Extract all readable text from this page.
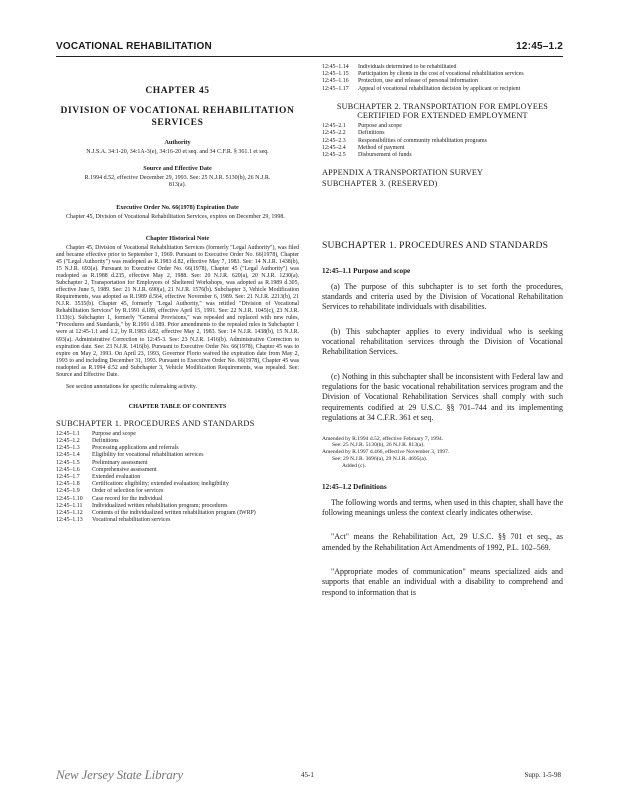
VOCATIONAL REHABILITATION	12:45–1.2
CHAPTER 45
DIVISION OF VOCATIONAL REHABILITATION SERVICES
Authority
N.J.S.A. 34:1-20, 34:1A-3(e), 34:16-20 et seq. and 34 C.F.R. § 361.1 et seq.
Source and Effective Date
R.1994 d.52, effective December 29, 1993. See: 25 N.J.R. 5130(b), 26 N.J.R. 813(a).
Executive Order No. 66(1978) Expiration Date
Chapter 45, Division of Vocational Rehabilitation Services, expires on December 29, 1998.
Chapter Historical Note
Chapter 45, Division of Vocational Rehabilitation Services (formerly "Legal Authority"), was filed and became effective prior to September 1, 1969. Pursuant to Executive Order No. 66(1978), Chapter 45 ("Legal Authority") was readopted as R.1983 d.82, effective May 7, 1983. See: 14 N.J.R. 1438(b), 15 N.J.R. 693(a). Pursuant to Executive Order No. 66(1978), Chapter 45 ("Legal Authority") was readopted as R.1988 d.235, effective May 2, 1988. See: 20 N.J.R. 620(a), 20 N.J.R. 1230(a). Subchapter 2, Transportation for Employees of Sheltered Workshops, was adopted as R.1989 d.305, effective June 5, 1989. See: 21 N.J.R. 690(a), 21 N.J.R. 1576(b). Subchapter 3, Vehicle Modification Requirements, was adopted as R.1989 d.564, effective November 6, 1989. See: 21 N.J.R. 2213(b), 21 N.J.R. 3535(b). Chapter 45, formerly "Legal Authority," was retitled "Division of Vocational Rehabilitation Services" by R.1991 d.189, effective April 15, 1991. See: 22 N.J.R. 1045(c), 23 N.J.R. 1133(c). Subchapter 1, formerly "General Provisions," was repealed and replaced with new rules, "Procedures and Standards," by R.1991 d.189. Prior amendments to the repealed rules in Subchapter 1 were at 12:45-1.1 and 1.2, by R.1983 d.82, effective May 2, 1983. See: 14 N.J.R. 1438(b), 15 N.J.R. 693(a). Administrative Correction to 12:45-3. See: 23 N.J.R. 1416(b). Administrative Correction to expiration date. See: 23 N.J.R. 1416(b). Pursuant to Executive Order No. 66(1978), Chapter 45 was to expire on May 2, 1993. On April 23, 1993, Governor Florio waived the expiration date from May 2, 1993 to and including December 31, 1993. Pursuant to Executive Order No. 66(1978), Chapter 45 was readopted as R.1994 d.52 and Subchapter 3, Vehicle Modification Requirements, was repealed. See: Source and Effective Date.
See section annotations for specific rulemaking activity.
CHAPTER TABLE OF CONTENTS
SUBCHAPTER 1. PROCEDURES AND STANDARDS
12:45–1.1	Purpose and scope
12:45–1.2	Definitions
12:45–1.3	Processing applications and referrals
12:45–1.4	Eligibility for vocational rehabilitation services
12:45–1.5	Preliminary assessment
12:45–1.6	Comprehensive assessment
12:45–1.7	Extended evaluation
12:45–1.8	Certification: eligibility; extended evaluation; ineligibility
12:45–1.9	Order of selection for services
12:45–1.10	Case record for the individual
12:45–1.11	Individualized written rehabilitation program; procedures
12:45–1.12	Contents of the individualized written rehabilitation program (IWRP)
12:45–1.13	Vocational rehabilitation services
12:45–1.14	Individuals determined to be rehabilitated
12:45–1.15	Participation by clients in the cost of vocational rehabilitation services
12:45–1.16	Protection, use and release of personal information
12:45–1.17	Appeal of vocational rehabilitation decision by applicant or recipient
SUBCHAPTER 2. TRANSPORTATION FOR EMPLOYEES CERTIFIED FOR EXTENDED EMPLOYMENT
12:45–2.1	Purpose and scope
12:45–2.2	Definitions
12:45–2.3	Responsibilities of community rehabilitation programs
12:45–2.4	Method of payment
12:45–2.5	Disbursement of funds
APPENDIX A TRANSPORTATION SURVEY
SUBCHAPTER 3. (RESERVED)
SUBCHAPTER 1. PROCEDURES AND STANDARDS
12:45–1.1 Purpose and scope

(a) The purpose of this subchapter is to set forth the procedures, standards and criteria used by the Division of Vocational Rehabilitation Services to rehabilitate individuals with disabilities.

(b) This subchapter applies to every individual who is seeking vocational rehabilitation services through the Division of Vocational Rehabilitation Services.

(c) Nothing in this subchapter shall be inconsistent with Federal law and regulations for the basic vocational rehabilitation services program and the Division of Vocational Rehabilitation Services shall comply with such requirements codified at 29 U.S.C. §§ 701–744 and its implementing regulations at 34 C.F.R. 361 et seq.

Amended by R.1994 d.52, effective February 7, 1994.
See: 25 N.J.R. 5130(b), 26 N.J.R. 813(a).
Amended by R.1997 d.466, effective November 3, 1997.
See: 29 N.J.R. 3696(a), 29 N.J.R. 4695(a).
Added (c).
12:45–1.2 Definitions

The following words and terms, when used in this chapter, shall have the following meanings unless the context clearly indicates otherwise.

"Act" means the Rehabilitation Act, 29 U.S.C. §§ 701 et seq., as amended by the Rehabilitation Act Amendments of 1992, P.L. 102–569.

"Appropriate modes of communication" means specialized aids and supports that enable an individual with a disability to comprehend and respond to information that is

New Jersey State Library	45-1	Supp. 1-5-98
